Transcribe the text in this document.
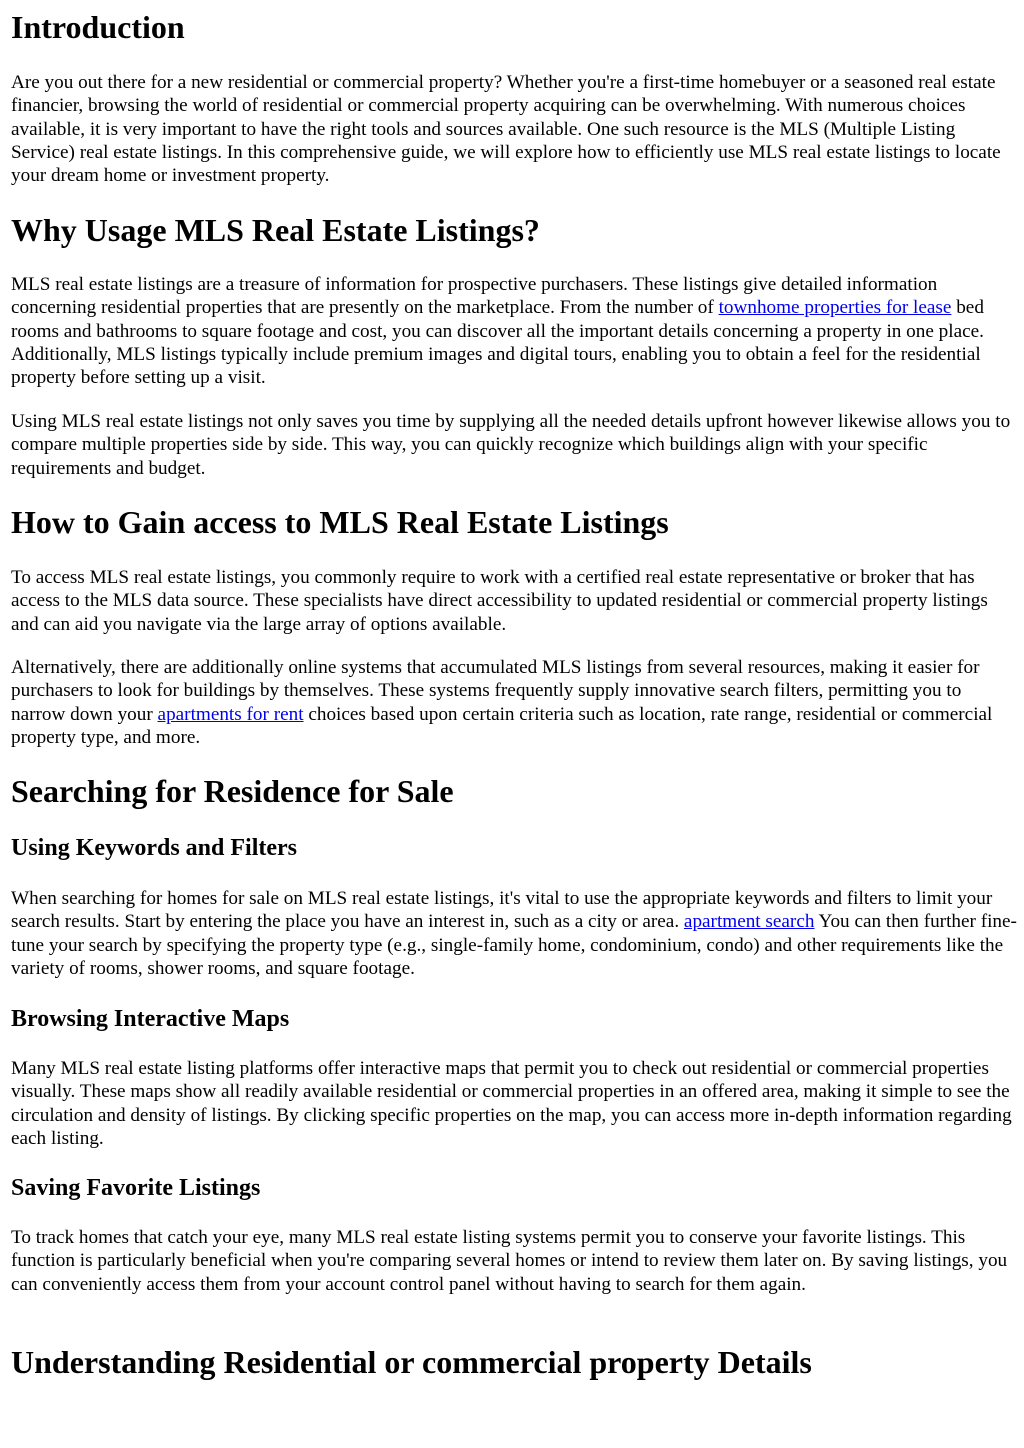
Introduction

Are you out there for a new residential or commercial property? Whether you're a first-time homebuyer or a seasoned real estate financier, browsing the world of residential or commercial property acquiring can be overwhelming. With numerous choices available, it is very important to have the right tools and sources available. One such resource is the MLS (Multiple Listing Service) real estate listings. In this comprehensive guide, we will explore how to efficiently use MLS real estate listings to locate your dream home or investment property.

Why Usage MLS Real Estate Listings?

MLS real estate listings are a treasure of information for prospective purchasers. These listings give detailed information concerning residential properties that are presently on the marketplace. From the number of townhome properties for lease bed rooms and bathrooms to square footage and cost, you can discover all the important details concerning a property in one place. Additionally, MLS listings typically include premium images and digital tours, enabling you to obtain a feel for the residential property before setting up a visit.

Using MLS real estate listings not only saves you time by supplying all the needed details upfront however likewise allows you to compare multiple properties side by side. This way, you can quickly recognize which buildings align with your specific requirements and budget.

How to Gain access to MLS Real Estate Listings

To access MLS real estate listings, you commonly require to work with a certified real estate representative or broker that has access to the MLS data source. These specialists have direct accessibility to updated residential or commercial property listings and can aid you navigate via the large array of options available.

Alternatively, there are additionally online systems that accumulated MLS listings from several resources, making it easier for purchasers to look for buildings by themselves. These systems frequently supply innovative search filters, permitting you to narrow down your apartments for rent choices based upon certain criteria such as location, rate range, residential or commercial property type, and more.

Searching for Residence for Sale
Using Keywords and Filters

When searching for homes for sale on MLS real estate listings, it's vital to use the appropriate keywords and filters to limit your search results. Start by entering the place you have an interest in, such as a city or area. apartment search You can then further fine-tune your search by specifying the property type (e.g., single-family home, condominium, condo) and other requirements like the variety of rooms, shower rooms, and square footage.

Browsing Interactive Maps

Many MLS real estate listing platforms offer interactive maps that permit you to check out residential or commercial properties visually. These maps show all readily available residential or commercial properties in an offered area, making it simple to see the circulation and density of listings. By clicking specific properties on the map, you can access more in-depth information regarding each listing.

Saving Favorite Listings

To track homes that catch your eye, many MLS real estate listing systems permit you to conserve your favorite listings. This function is particularly beneficial when you're comparing several homes or intend to review them later on. By saving listings, you can conveniently access them from your account control panel without having to search for them again.

Understanding Residential or commercial property Details
